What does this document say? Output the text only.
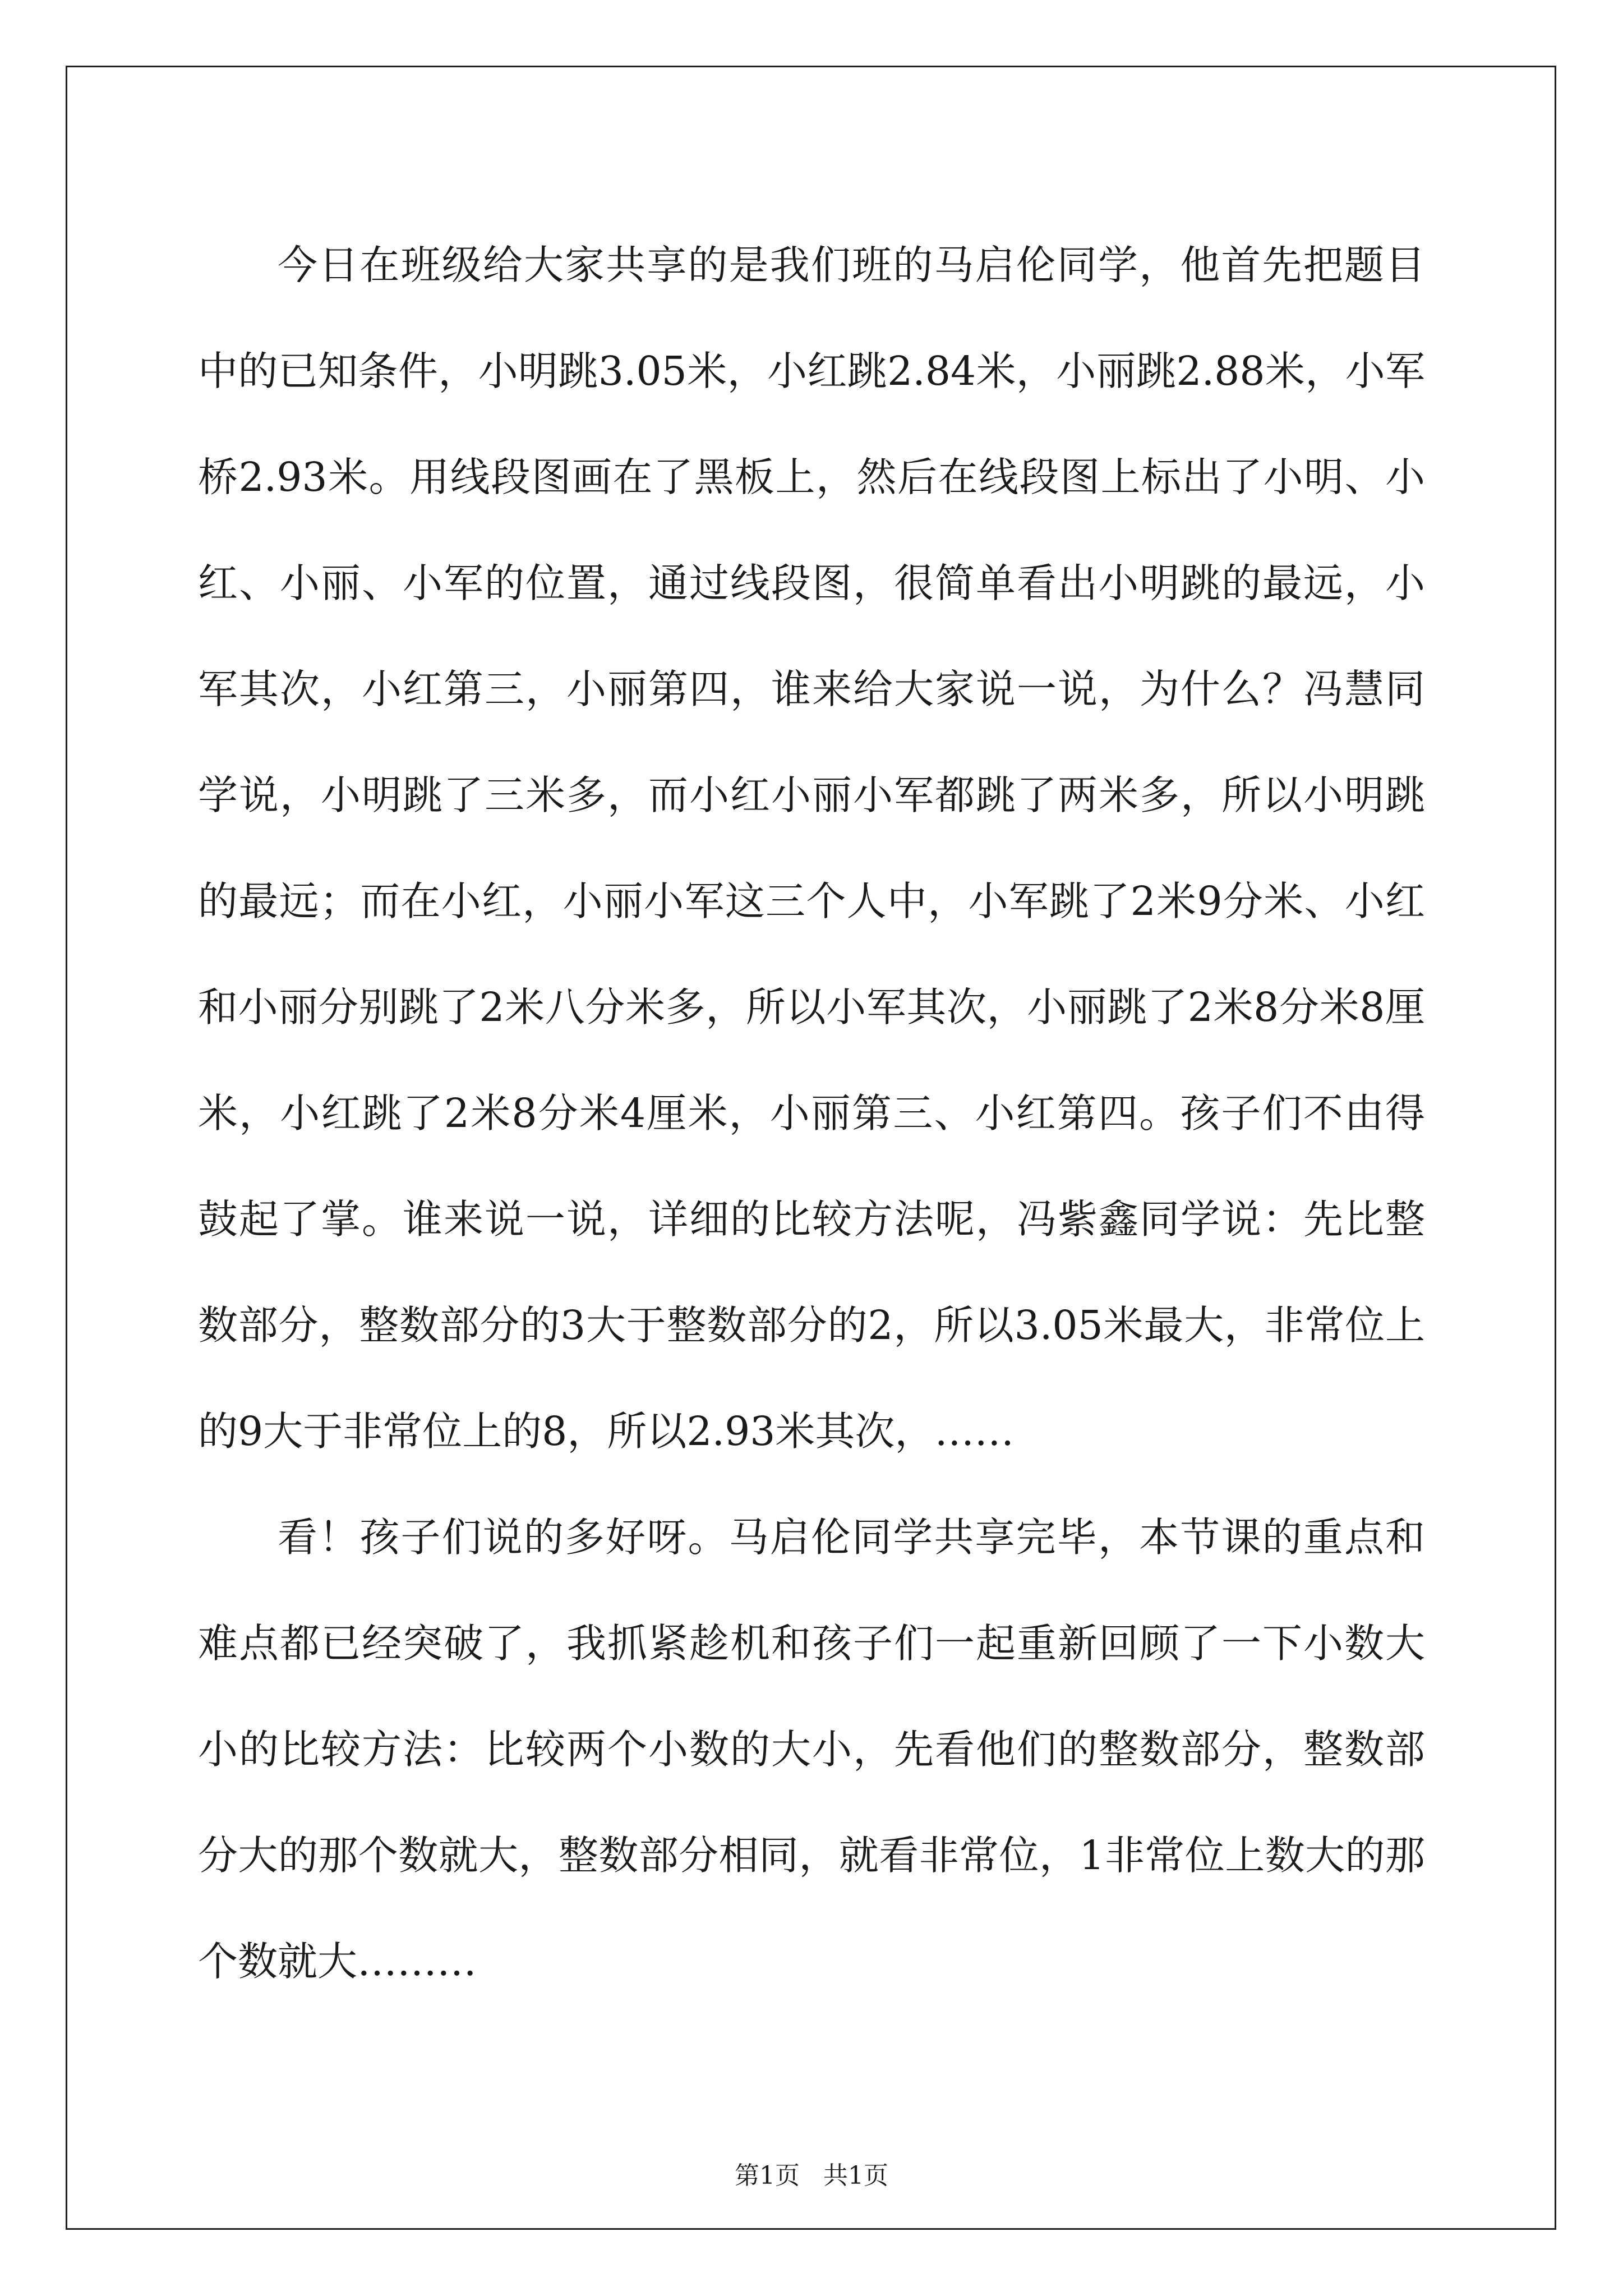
今日在班级给大家共享的是我们班的马启伦同学，他首先把题目中的已知条件，小明跳3.05米，小红跳2.84米，小丽跳2.88米，小军桥2.93米。用线段图画在了黑板上，然后在线段图上标出了小明、小红、小丽、小军的位置，通过线段图，很简单看出小明跳的最远，小军其次，小红第三，小丽第四，谁来给大家说一说，为什么？冯慧同学说，小明跳了三米多，而小红小丽小军都跳了两米多，所以小明跳的最远；而在小红，小丽小军这三个人中，小军跳了2米9分米、小红和小丽分别跳了2米八分米多，所以小军其次，小丽跳了2米8分米8厘米，小红跳了2米8分米4厘米，小丽第三、小红第四。孩子们不由得鼓起了掌。谁来说一说，详细的比较方法呢，冯紫鑫同学说：先比整数部分，整数部分的3大于整数部分的2，所以3.05米最大，非常位上的9大于非常位上的8，所以2.93米其次，……

看！孩子们说的多好呀。马启伦同学共享完毕，本节课的重点和难点都已经突破了，我抓紧趁机和孩子们一起重新回顾了一下小数大小的比较方法：比较两个小数的大小，先看他们的整数部分，整数部分大的那个数就大，整数部分相同，就看非常位，1非常位上数大的那个数就大………

第1页   共1页
